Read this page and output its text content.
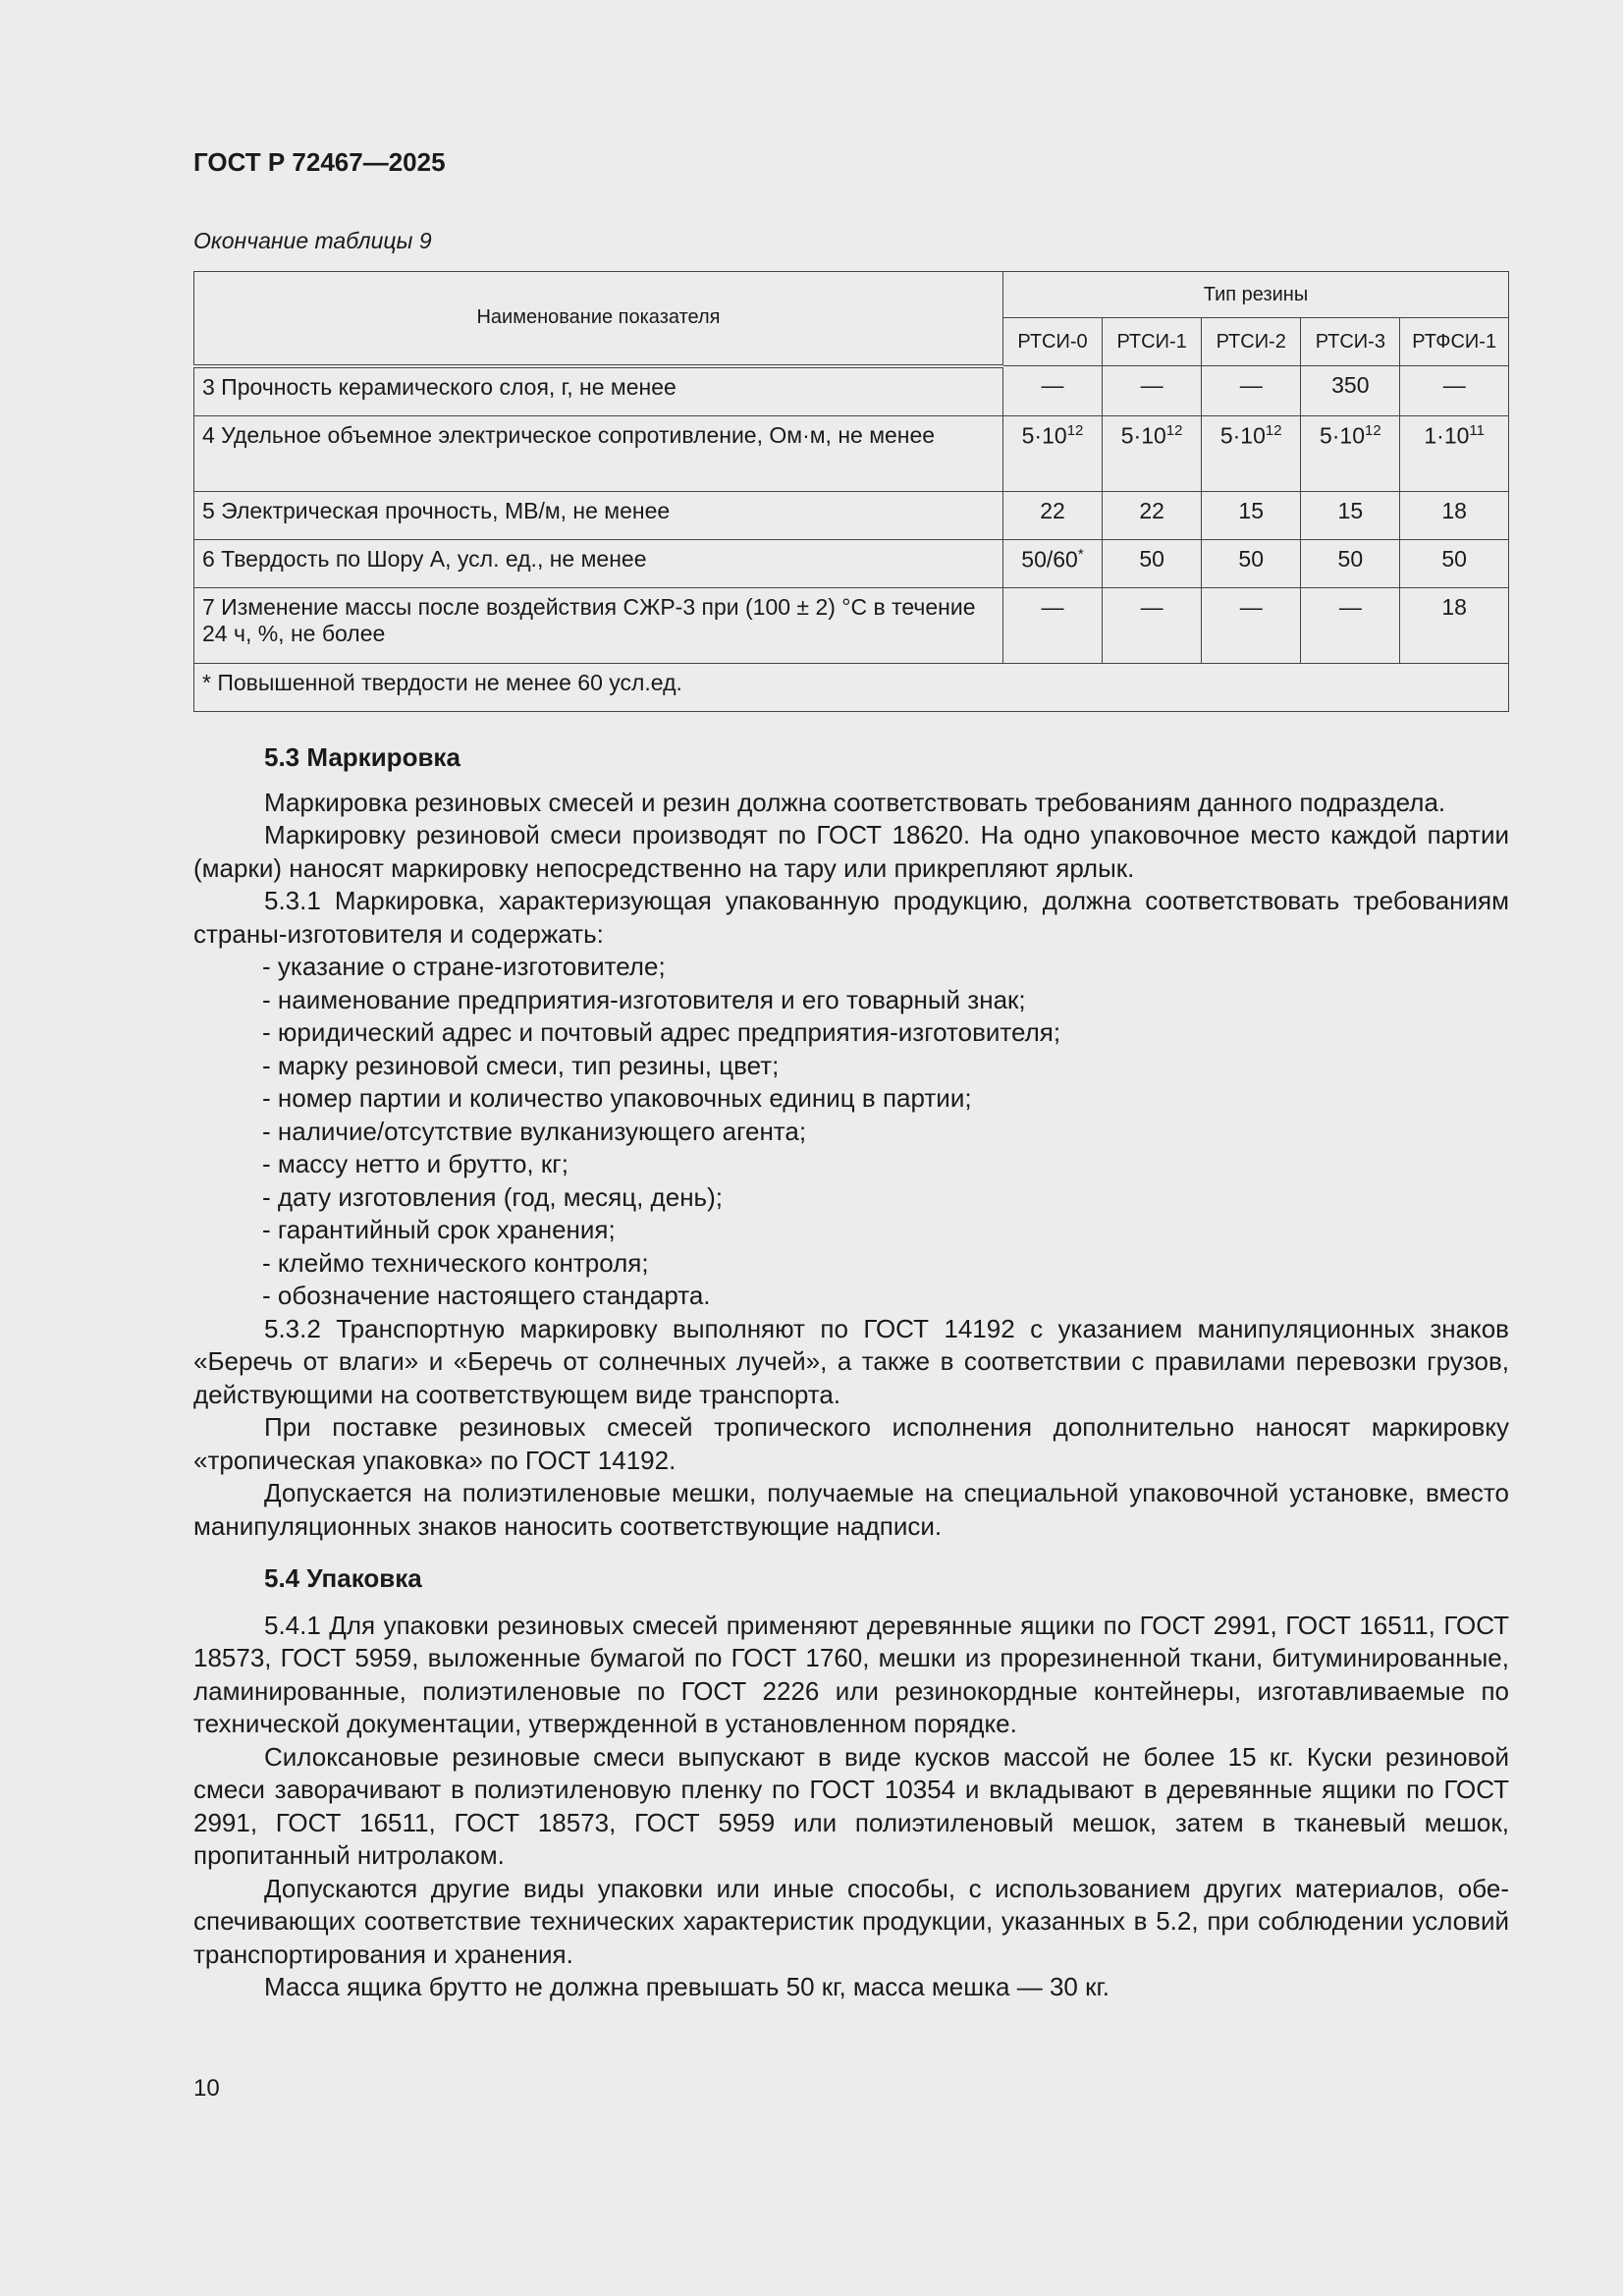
ГОСТ Р 72467—2025
Окончание таблицы 9
Наименование показателя	Тип резины				
	РТСИ-0	РТСИ-1	РТСИ-2	РТСИ-3	РТФСИ-1
3 Прочность керамического слоя, г, не менее	—	—	—	350	—
4 Удельное объемное электрическое сопротивление, Ом·м, не менее	$5\cdot 10^{12}$	$5\cdot 10^{12}$	$5\cdot 10^{12}$	$5\cdot 10^{12}$	$1\cdot 10^{11}$
5 Электрическая прочность, МВ/м, не менее	22	22	15	15	18
6 Твердость по Шору А, усл. ед., не менее	50/60*	50	50	50	50
7 Изменение массы после воздействия СЖР-3 при (100 ± 2) °С в течение 24 ч, %, не более	—	—	—	—	18
* Повышенной твердости не менее 60 усл.ед.					
5.3 Маркировка

Маркировка резиновых смесей и резин должна соответствовать требованиям данного подраздела.

Маркировку резиновой смеси производят по ГОСТ 18620. На одно упаковочное место каждой партии (марки) наносят маркировку непосредственно на тару или прикрепляют ярлык.

5.3.1 Маркировка, характеризующая упакованную продукцию, должна соответствовать требованиям страны-изготовителя и содержать:

- указание о стране-изготовителе;
- наименование предприятия-изготовителя и его товарный знак;
- юридический адрес и почтовый адрес предприятия-изготовителя;
- марку резиновой смеси, тип резины, цвет;
- номер партии и количество упаковочных единиц в партии;
- наличие/отсутствие вулканизующего агента;
- массу нетто и брутто, кг;
- дату изготовления (год, месяц, день);
- гарантийный срок хранения;
- клеймо технического контроля;
- обозначение настоящего стандарта.

5.3.2 Транспортную маркировку выполняют по ГОСТ 14192 с указанием манипуляционных знаков «Беречь от влаги» и «Беречь от солнечных лучей», а также в соответствии с правилами перевозки грузов, действующими на соответствующем виде транспорта.

При поставке резиновых смесей тропического исполнения дополнительно наносят маркировку «тропическая упаковка» по ГОСТ 14192.

Допускается на полиэтиленовые мешки, получаемые на специальной упаковочной установке, вместо манипуляционных знаков наносить соответствующие надписи.

5.4 Упаковка

5.4.1 Для упаковки резиновых смесей применяют деревянные ящики по ГОСТ 2991, ГОСТ 16511, ГОСТ 18573, ГОСТ 5959, выложенные бумагой по ГОСТ 1760, мешки из прорезиненной ткани, битуминированные, ламинированные, полиэтиленовые по ГОСТ 2226 или резинокордные контейнеры, изготавливаемые по технической документации, утвержденной в установленном порядке.

Силоксановые резиновые смеси выпускают в виде кусков массой не более 15 кг. Куски резиновой смеси заворачивают в полиэтиленовую пленку по ГОСТ 10354 и вкладывают в деревянные ящики по ГОСТ 2991, ГОСТ 16511, ГОСТ 18573, ГОСТ 5959 или полиэтиленовый мешок, затем в тканевый мешок, пропитанный нитролаком.

Допускаются другие виды упаковки или иные способы, с использованием других материалов, обеспечивающих соответствие технических характеристик продукции, указанных в 5.2, при соблюдении условий транспортирования и хранения.

Масса ящика брутто не должна превышать 50 кг, масса мешка — 30 кг.

10
